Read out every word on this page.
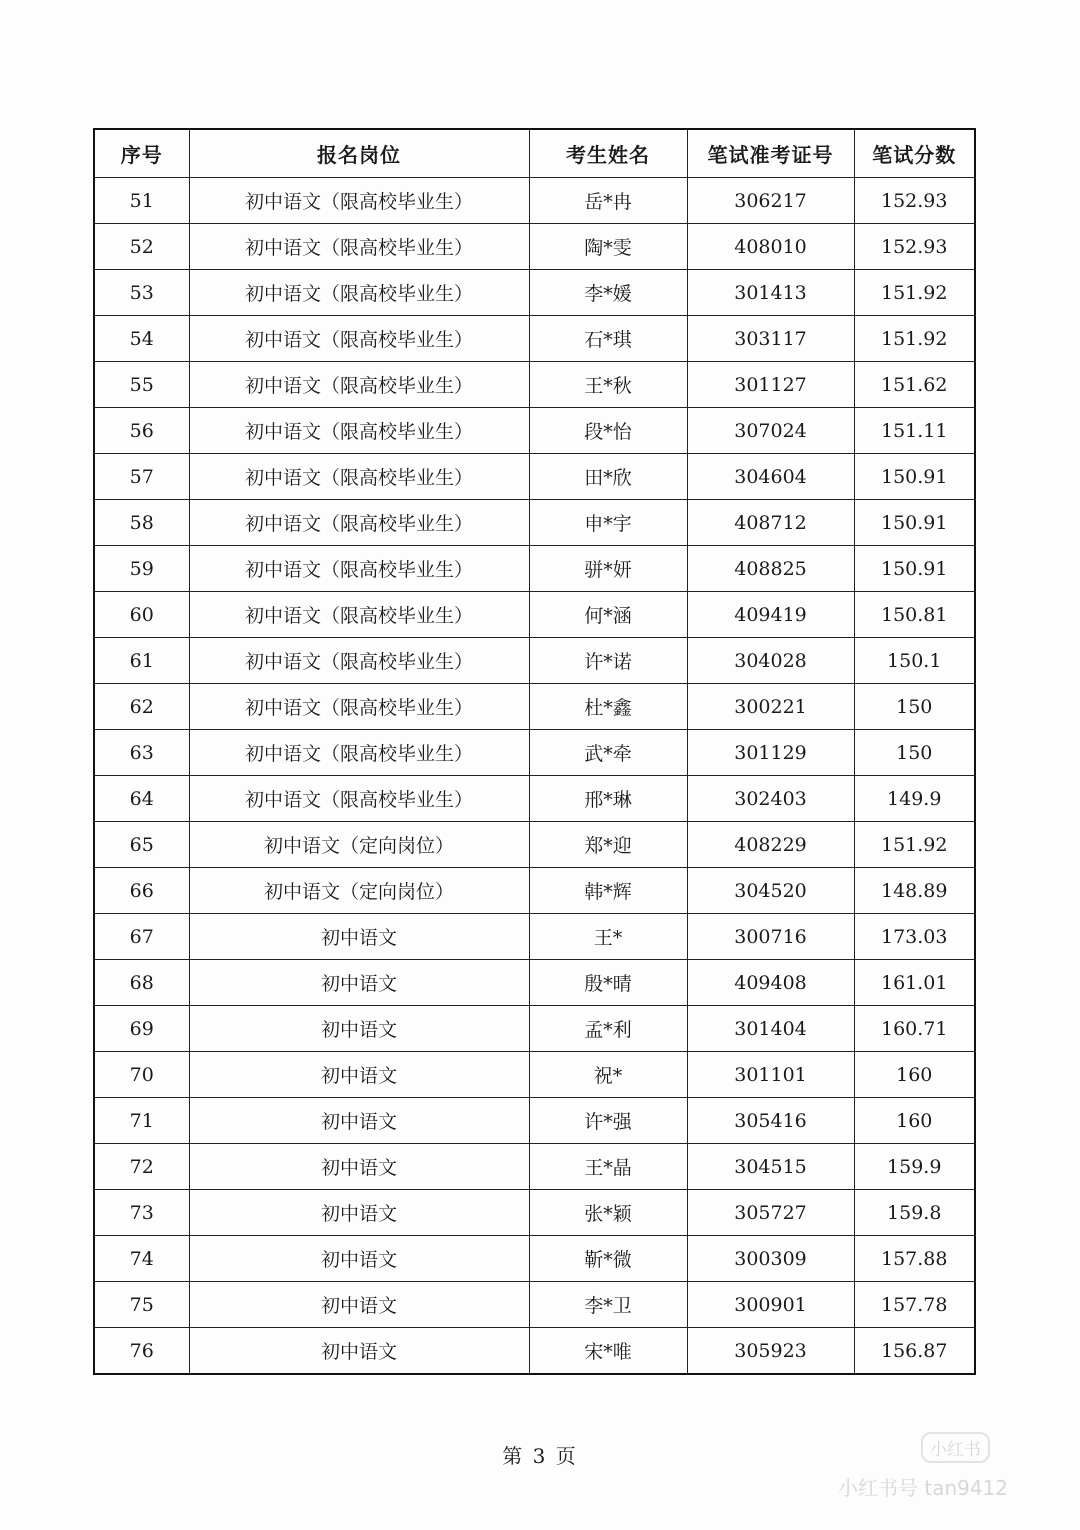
序号	报名岗位	考生姓名	笔试准考证号	笔试分数
51	初中语文（限高校毕业生）	岳*冉	306217	152.93
52	初中语文（限高校毕业生）	陶*雯	408010	152.93
53	初中语文（限高校毕业生）	李*媛	301413	151.92
54	初中语文（限高校毕业生）	石*琪	303117	151.92
55	初中语文（限高校毕业生）	王*秋	301127	151.62
56	初中语文（限高校毕业生）	段*怡	307024	151.11
57	初中语文（限高校毕业生）	田*欣	304604	150.91
58	初中语文（限高校毕业生）	申*宇	408712	150.91
59	初中语文（限高校毕业生）	骈*妍	408825	150.91
60	初中语文（限高校毕业生）	何*涵	409419	150.81
61	初中语文（限高校毕业生）	许*诺	304028	150.1
62	初中语文（限高校毕业生）	杜*鑫	300221	150
63	初中语文（限高校毕业生）	武*牵	301129	150
64	初中语文（限高校毕业生）	邢*琳	302403	149.9
65	初中语文（定向岗位）	郑*迎	408229	151.92
66	初中语文（定向岗位）	韩*辉	304520	148.89
67	初中语文	王*	300716	173.03
68	初中语文	殷*晴	409408	161.01
69	初中语文	孟*利	301404	160.71
70	初中语文	祝*	301101	160
71	初中语文	许*强	305416	160
72	初中语文	王*晶	304515	159.9
73	初中语文	张*颖	305727	159.8
74	初中语文	靳*微	300309	157.88
75	初中语文	李*卫	300901	157.78
76	初中语文	宋*唯	305923	156.87
第 3 页	小红书
小红书号 tan9412
